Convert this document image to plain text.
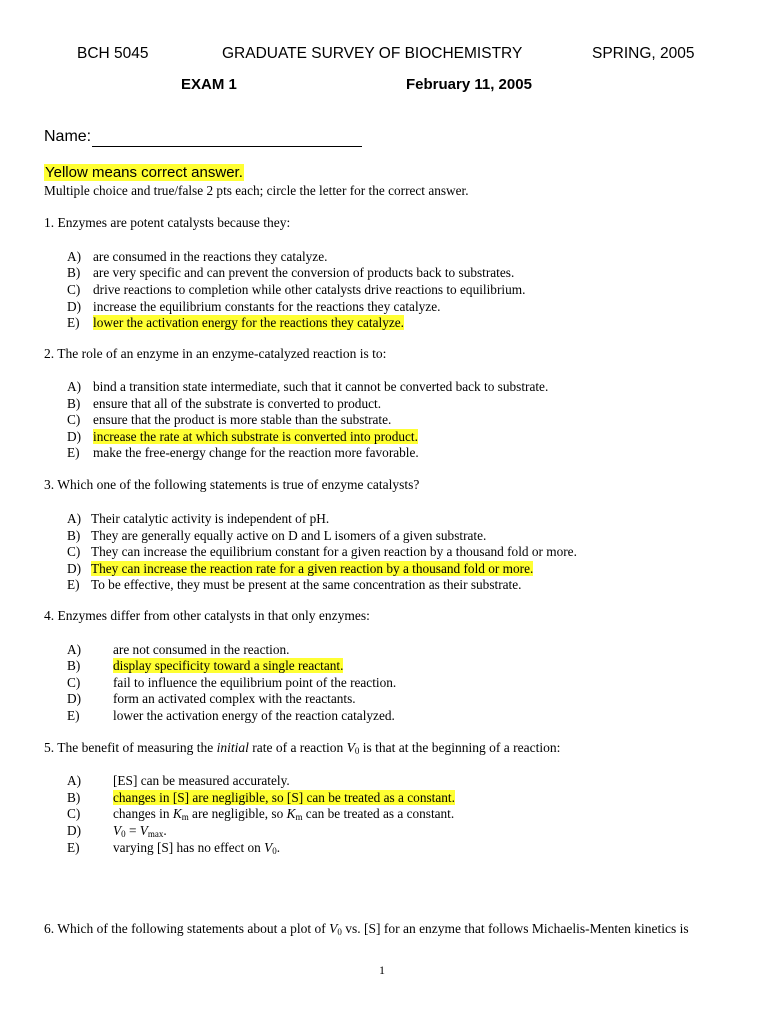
BCH 5045	GRADUATE SURVEY OF BIOCHEMISTRY	SPRING, 2005
EXAM 1	February 11, 2005
Name:
Yellow means correct answer.
Multiple choice and true/false 2 pts each; circle the letter for the correct answer.
1. Enzymes are potent catalysts because they:
A) are consumed in the reactions they catalyze.
B) are very specific and can prevent the conversion of products back to substrates.
C) drive reactions to completion while other catalysts drive reactions to equilibrium.
D) increase the equilibrium constants for the reactions they catalyze.
E) lower the activation energy for the reactions they catalyze.
2. The role of an enzyme in an enzyme-catalyzed reaction is to:
A) bind a transition state intermediate, such that it cannot be converted back to substrate.
B) ensure that all of the substrate is converted to product.
C) ensure that the product is more stable than the substrate.
D) increase the rate at which substrate is converted into product.
E) make the free-energy change for the reaction more favorable.
3. Which one of the following statements is true of enzyme catalysts?
A) Their catalytic activity is independent of pH.
B) They are generally equally active on D and L isomers of a given substrate.
C) They can increase the equilibrium constant for a given reaction by a thousand fold or more.
D) They can increase the reaction rate for a given reaction by a thousand fold or more.
E) To be effective, they must be present at the same concentration as their substrate.
4. Enzymes differ from other catalysts in that only enzymes:
A) are not consumed in the reaction.
B) display specificity toward a single reactant.
C) fail to influence the equilibrium point of the reaction.
D) form an activated complex with the reactants.
E)	lower the activation energy of the reaction catalyzed.
5. The benefit of measuring the initial rate of a reaction $V_0$ is that at the beginning of a reaction:
A) [ES] can be measured accurately.
B) changes in [S] are negligible, so [S] can be treated as a constant.
C) changes in $K_m$ are negligible, so $K_m$ can be treated as a constant.
D) $V_0 = V_{max}$.
E)	varying [S] has no effect on $V_0$.
6. Which of the following statements about a plot of $V_0$ vs. [S] for an enzyme that follows Michaelis-Menten kinetics is
1
